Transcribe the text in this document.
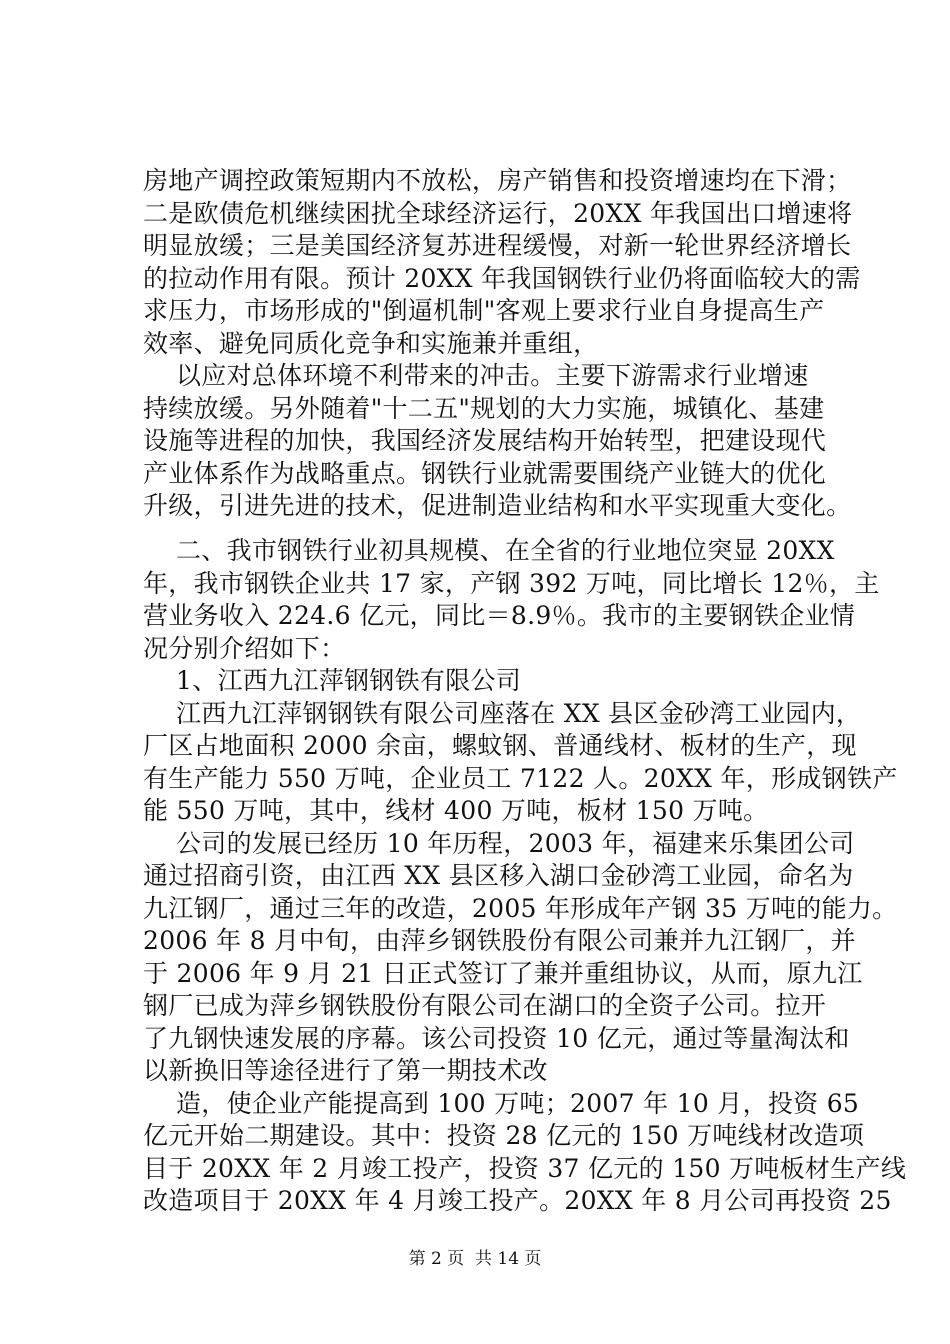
房地产调控政策短期内不放松，房产销售和投资增速均在下滑；
二是欧债危机继续困扰全球经济运行，20XX 年我国出口增速将
明显放缓；三是美国经济复苏进程缓慢，对新一轮世界经济增长
的拉动作用有限。预计 20XX 年我国钢铁行业仍将面临较大的需
求压力，市场形成的"倒逼机制"客观上要求行业自身提高生产
效率、避免同质化竞争和实施兼并重组，
以应对总体环境不利带来的冲击。主要下游需求行业增速
持续放缓。另外随着"十二五"规划的大力实施，城镇化、基建
设施等进程的加快，我国经济发展结构开始转型，把建设现代
产业体系作为战略重点。钢铁行业就需要围绕产业链大的优化
升级，引进先进的技术，促进制造业结构和水平实现重大变化。
二、我市钢铁行业初具规模、在全省的行业地位突显 20XX
年，我市钢铁企业共 17 家，产钢 392 万吨，同比增长 12％，主
营业务收入 224.6 亿元，同比＝8.9％。我市的主要钢铁企业情
况分别介绍如下：
1、江西九江萍钢钢铁有限公司
江西九江萍钢钢铁有限公司座落在 XX 县区金砂湾工业园内，
厂区占地面积 2000 余亩，螺蚊钢、普通线材、板材的生产，现
有生产能力 550 万吨，企业员工 7122 人。20XX 年，形成钢铁产
能 550 万吨，其中，线材 400 万吨，板材 150 万吨。
公司的发展已经历 10 年历程，2003 年，福建来乐集团公司
通过招商引资，由江西 XX 县区移入湖口金砂湾工业园，命名为
九江钢厂，通过三年的改造，2005 年形成年产钢 35 万吨的能力。
2006 年 8 月中旬，由萍乡钢铁股份有限公司兼并九江钢厂，并
于 2006 年 9 月 21 日正式签订了兼并重组协议，从而，原九江
钢厂已成为萍乡钢铁股份有限公司在湖口的全资子公司。拉开
了九钢快速发展的序幕。该公司投资 10 亿元，通过等量淘汰和
以新换旧等途径进行了第一期技术改
造，使企业产能提高到 100 万吨；2007 年 10 月，投资 65
亿元开始二期建设。其中：投资 28 亿元的 150 万吨线材改造项
目于 20XX 年 2 月竣工投产，投资 37 亿元的 150 万吨板材生产线
改造项目于 20XX 年 4 月竣工投产。20XX 年 8 月公司再投资 25
第 2 页  共 14 页
